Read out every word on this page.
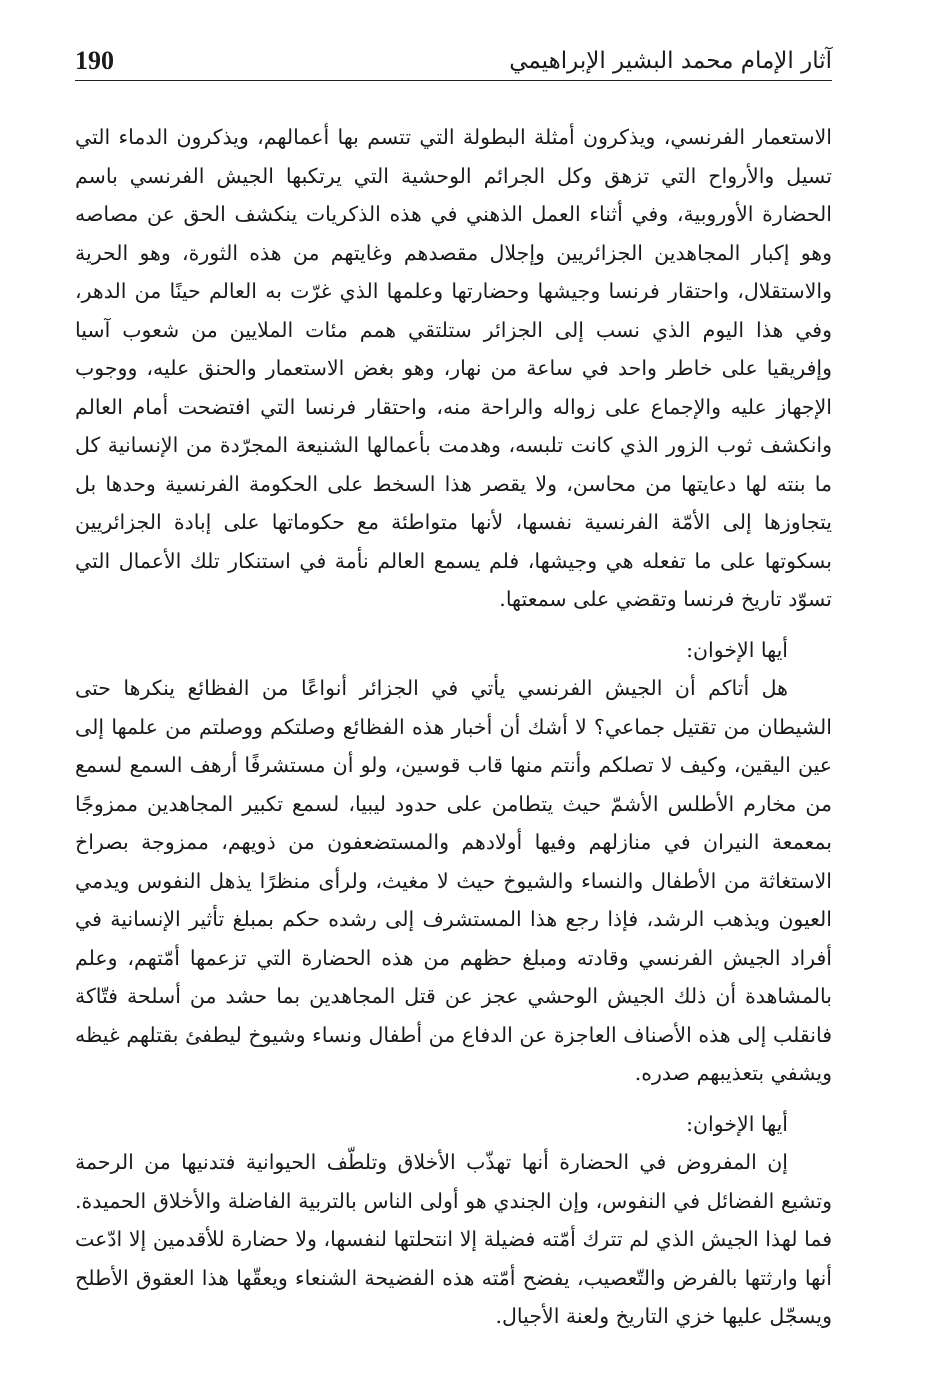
190	آثار الإمام محمد البشير الإبراهيمي

الاستعمار الفرنسي، ويذكرون أمثلة البطولة التي تتسم بها أعمالهم، ويذكرون الدماء التي تسيل والأرواح التي تزهق وكل الجرائم الوحشية التي يرتكبها الجيش الفرنسي باسم الحضارة الأوروبية، وفي أثناء العمل الذهني في هذه الذكريات ينكشف الحق عن مصاصه وهو إكبار المجاهدين الجزائريين وإجلال مقصدهم وغايتهم من هذه الثورة، وهو الحرية والاستقلال، واحتقار فرنسا وجيشها وحضارتها وعلمها الذي غرّت به العالم حينًا من الدهر، وفي هذا اليوم الذي نسب إلى الجزائر ستلتقي همم مئات الملايين من شعوب آسيا وإفريقيا على خاطر واحد في ساعة من نهار، وهو بغض الاستعمار والحنق عليه، ووجوب الإجهاز عليه والإجماع على زواله والراحة منه، واحتقار فرنسا التي افتضحت أمام العالم وانكشف ثوب الزور الذي كانت تلبسه، وهدمت بأعمالها الشنيعة المجرّدة من الإنسانية كل ما بنته لها دعايتها من محاسن، ولا يقصر هذا السخط على الحكومة الفرنسية وحدها بل يتجاوزها إلى الأمّة الفرنسية نفسها، لأنها متواطئة مع حكوماتها على إبادة الجزائريين بسكوتها على ما تفعله هي وجيشها، فلم يسمع العالم نأمة في استنكار تلك الأعمال التي تسوّد تاريخ فرنسا وتقضي على سمعتها.

أيها الإخوان:

هل أتاكم أن الجيش الفرنسي يأتي في الجزائر أنواعًا من الفظائع ينكرها حتى الشيطان من تقتيل جماعي؟ لا أشك أن أخبار هذه الفظائع وصلتكم ووصلتم من علمها إلى عين اليقين، وكيف لا تصلكم وأنتم منها قاب قوسين، ولو أن مستشرفًا أرهف السمع لسمع من مخارم الأطلس الأشمّ حيث يتطامن على حدود ليبيا، لسمع تكبير المجاهدين ممزوجًا بمعمعة النيران في منازلهم وفيها أولادهم والمستضعفون من ذويهم، ممزوجة بصراخ الاستغاثة من الأطفال والنساء والشيوخ حيث لا مغيث، ولرأى منظرًا يذهل النفوس ويدمي العيون ويذهب الرشد، فإذا رجع هذا المستشرف إلى رشده حكم بمبلغ تأثير الإنسانية في أفراد الجيش الفرنسي وقادته ومبلغ حظهم من هذه الحضارة التي تزعمها أمّتهم، وعلم بالمشاهدة أن ذلك الجيش الوحشي عجز عن قتل المجاهدين بما حشد من أسلحة فتّاكة فانقلب إلى هذه الأصناف العاجزة عن الدفاع من أطفال ونساء وشيوخ ليطفئ بقتلهم غيظه ويشفي بتعذيبهم صدره.

أيها الإخوان:

إن المفروض في الحضارة أنها تهذّب الأخلاق وتلطّف الحيوانية فتدنيها من الرحمة وتشيع الفضائل في النفوس، وإن الجندي هو أولى الناس بالتربية الفاضلة والأخلاق الحميدة. فما لهذا الجيش الذي لم تترك أمّته فضيلة إلا انتحلتها لنفسها، ولا حضارة للأقدمين إلا ادّعت أنها وارثتها بالفرض والتّعصيب، يفضح أمّته هذه الفضيحة الشنعاء ويعقّها هذا العقوق الأطلح ويسجّل عليها خزي التاريخ ولعنة الأجيال.
